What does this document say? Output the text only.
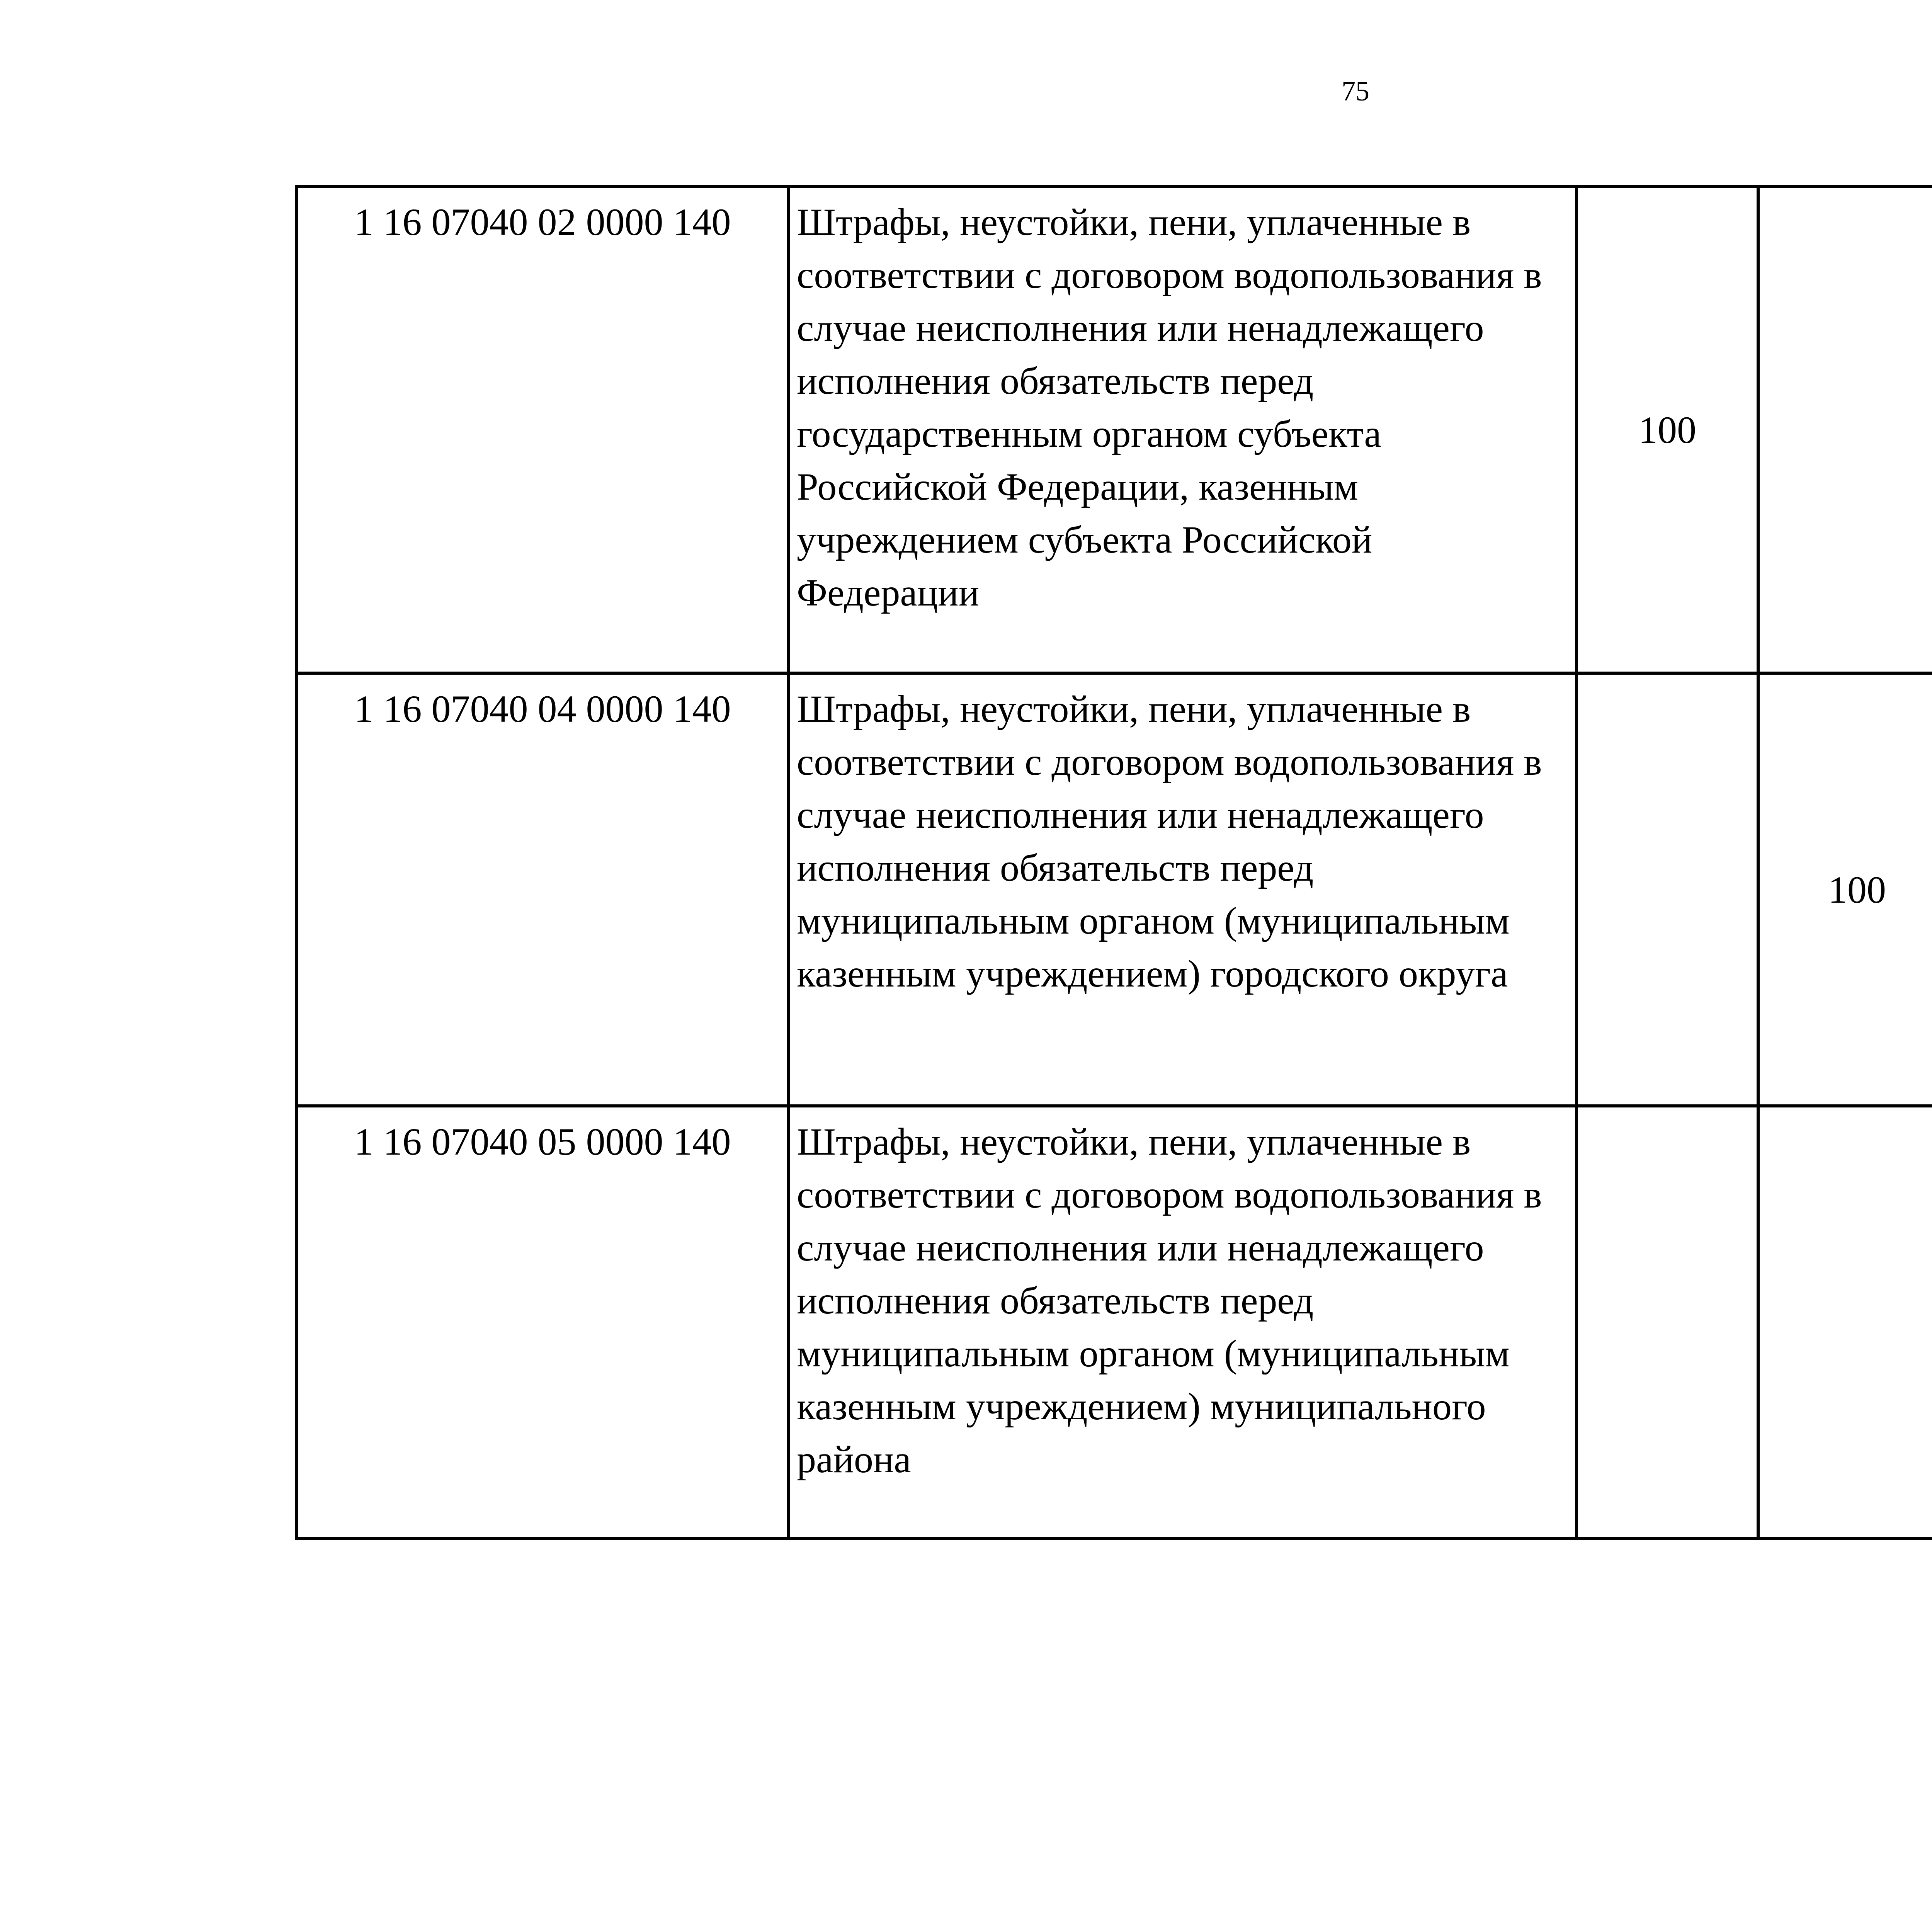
75
1 16 07040 02 0000 140	Штрафы, неустойки, пени, уплаченные в соответствии с договором водопользования в случае неисполнения или ненадлежащего исполнения обязательств перед государственным органом субъекта Российской Федерации, казенным учреждением субъекта Российской Федерации	100				
1 16 07040 04 0000 140	Штрафы, неустойки, пени, уплаченные в соответствии с договором водопользования в случае неисполнения или ненадлежащего исполнения обязательств перед муниципальным органом (муниципальным казенным учреждением) городского округа		100			
1 16 07040 05 0000 140	Штрафы, неустойки, пени, уплаченные в соответствии с договором водопользования в случае неисполнения или ненадлежащего исполнения обязательств перед муниципальным органом (муниципальным казенным учреждением) муниципального района					
